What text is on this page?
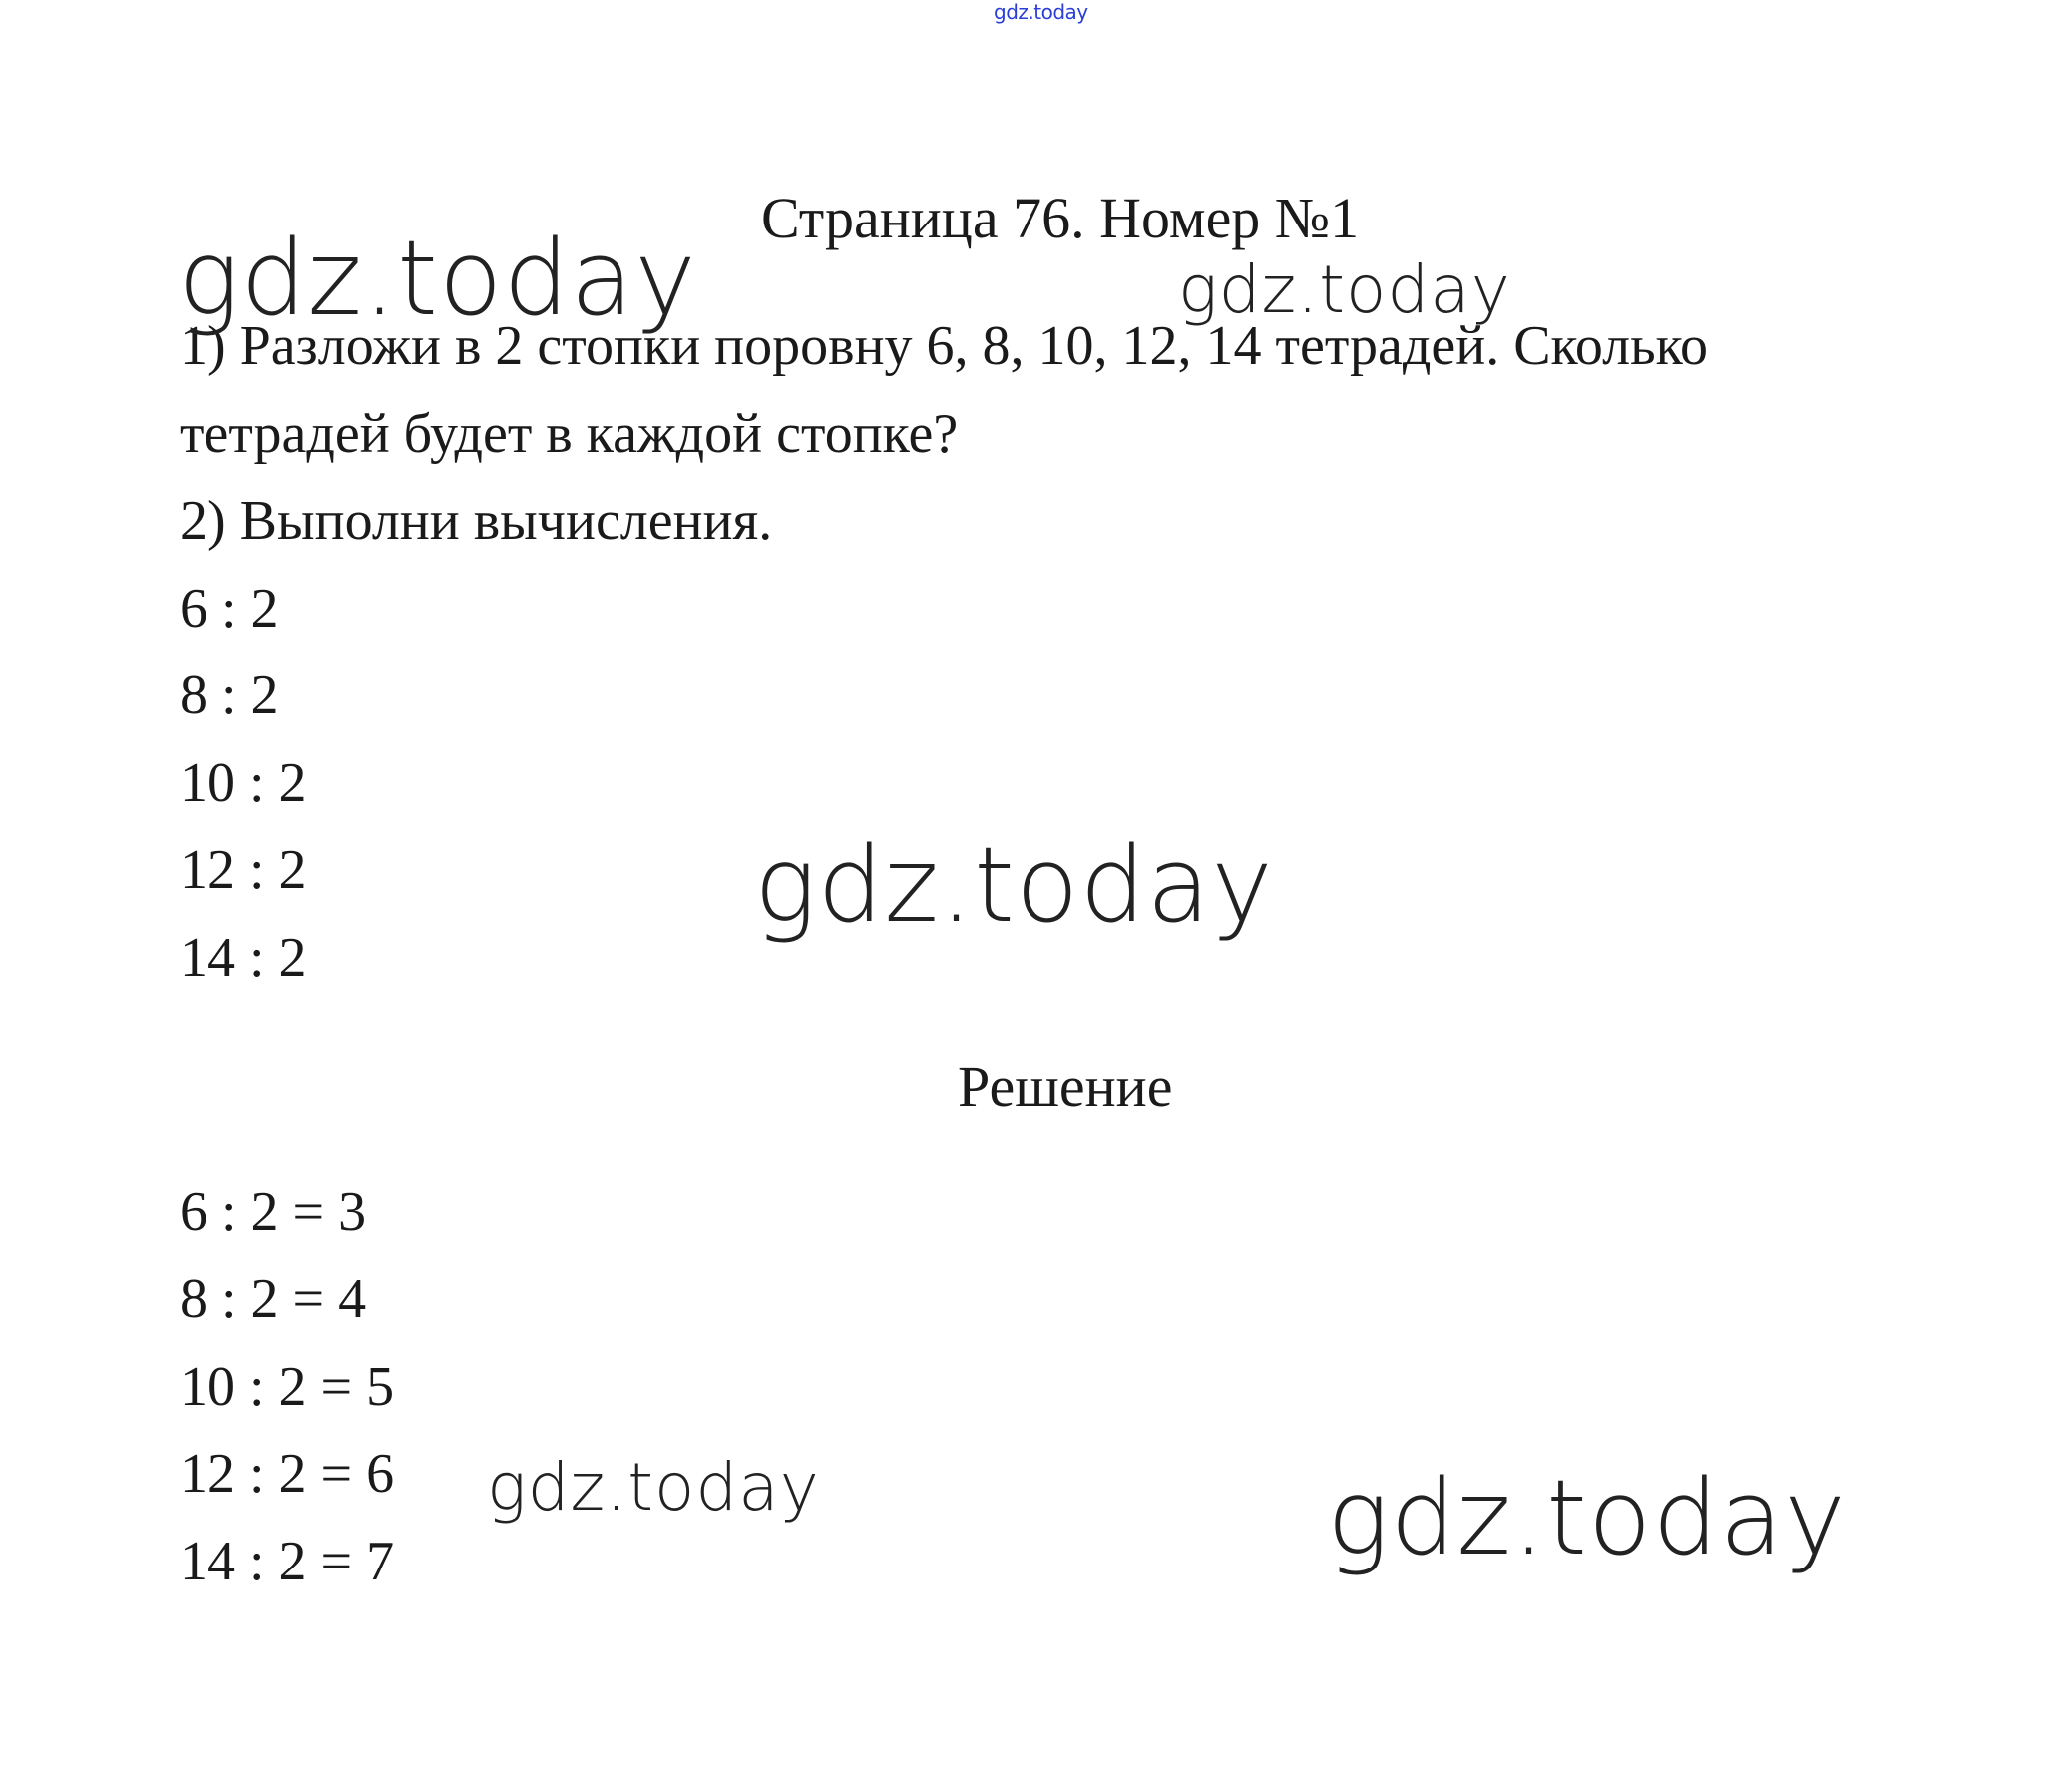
gdz.today
Страница 76. Номер №1
1) Разложи в 2 стопки поровну 6, 8, 10, 12, 14 тетрадей. Сколько
тетрадей будет в каждой стопке?
2) Выполни вычисления.
6 : 2
8 : 2
10 : 2
12 : 2
14 : 2
Решение
6 : 2 = 3
8 : 2 = 4
10 : 2 = 5
12 : 2 = 6
14 : 2 = 7
gdz.today	gdz.today
gdz.today
gdz.today	gdz.today
